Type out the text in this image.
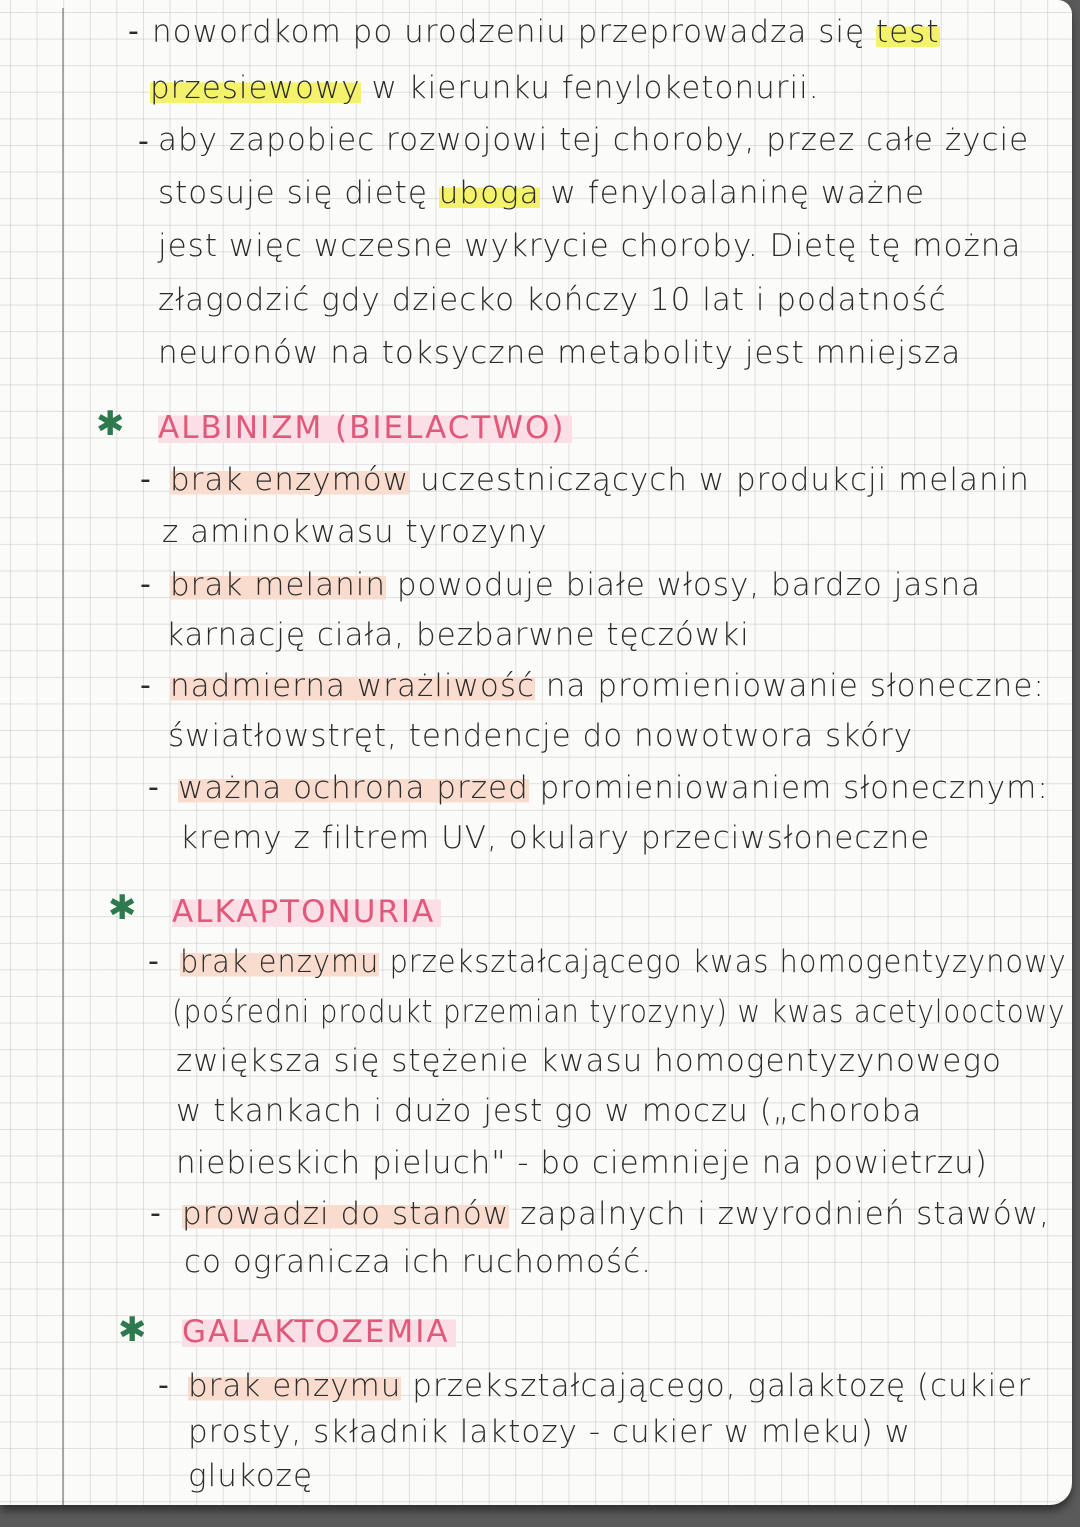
- nowordkom po urodzeniu przeprowadza się test
przesiewowy w kierunku fenyloketonurii.
- aby zapobiec rozwojowi tej choroby, przez całe życie
stosuje się dietę uboga w fenyloalaninę ważne
jest więc wczesne wykrycie choroby. Dietę tę można
złagodzić gdy dziecko kończy 10 lat i podatność
neuronów na toksyczne metabolity jest mniejsza
✱ ALBINIZM (BIELACTWO)
- brak enzymów uczestniczących w produkcji melanin
z aminokwasu tyrozyny
- brak melanin powoduje białe włosy, bardzo jasna
karnację ciała, bezbarwne tęczówki
- nadmierna wrażliwość na promieniowanie słoneczne:
światłowstręt, tendencje do nowotwora skóry
- ważna ochrona przed promieniowaniem słonecznym:
kremy z filtrem UV, okulary przeciwsłoneczne
✱ ALKAPTONURIA
- brak enzymu przekształcającego kwas homogentyzynowy
(pośredni produkt przemian tyrozyny) w kwas acetylooctowy
zwiększa się stężenie kwasu homogentyzynowego
w tkankach i dużo jest go w moczu („choroba
niebieskich pieluch" - bo ciemnieje na powietrzu)
- prowadzi do stanów zapalnych i zwyrodnień stawów,
co ogranicza ich ruchomość.
✱ GALAKTOZEMIA
- brak enzymu przekształcającego, galaktozę (cukier
prosty, składnik laktozy - cukier w mleku) w
glukozę
